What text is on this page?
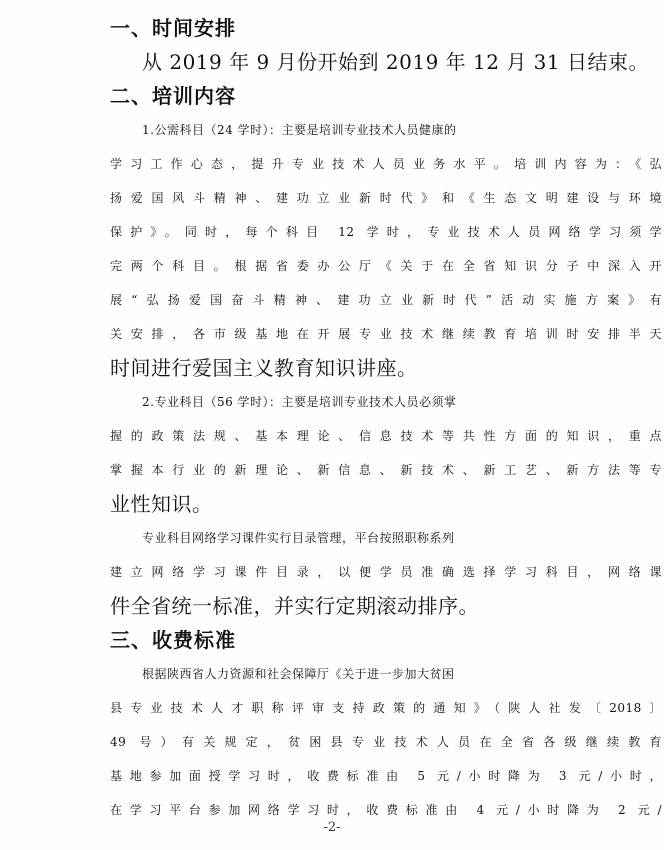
一、时间安排
从 2019 年 9 月份开始到 2019 年 12 月 31 日结束。
二、培训内容
1.公需科目（24 学时）：主要是培训专业技术人员健康的
学习工作心态，提升专业技术人员业务水平。培训内容为：《弘
扬爱国风斗精神、建功立业新时代》和《生态文明建设与环境
保护》。同时，每个科目 12 学时，专业技术人员网络学习须学
完两个科目。根据省委办公厅《关于在全省知识分子中深入开
展“弘扬爱国奋斗精神、建功立业新时代”活动实施方案》有
关安排，各市级基地在开展专业技术继续教育培训时安排半天
时间进行爱国主义教育知识讲座。
2.专业科目（56 学时）：主要是培训专业技术人员必须掌
握的政策法规、基本理论、信息技术等共性方面的知识，重点
掌握本行业的新理论、新信息、新技术、新工艺、新方法等专
业性知识。
专业科目网络学习课件实行目录管理，平台按照职称系列
建立网络学习课件目录，以便学员准确选择学习科目，网络课
件全省统一标准，并实行定期滚动排序。
三、收费标准
根据陕西省人力资源和社会保障厅《关于进一步加大贫困
县专业技术人才职称评审支持政策的通知》（陕人社发〔2018〕
49 号）有关规定，贫困县专业技术人员在全省各级继续教育
基地参加面授学习时，收费标准由 5 元/小时降为 3 元/小时，
在学习平台参加网络学习时，收费标准由 4 元/小时降为 2 元/
-2-
